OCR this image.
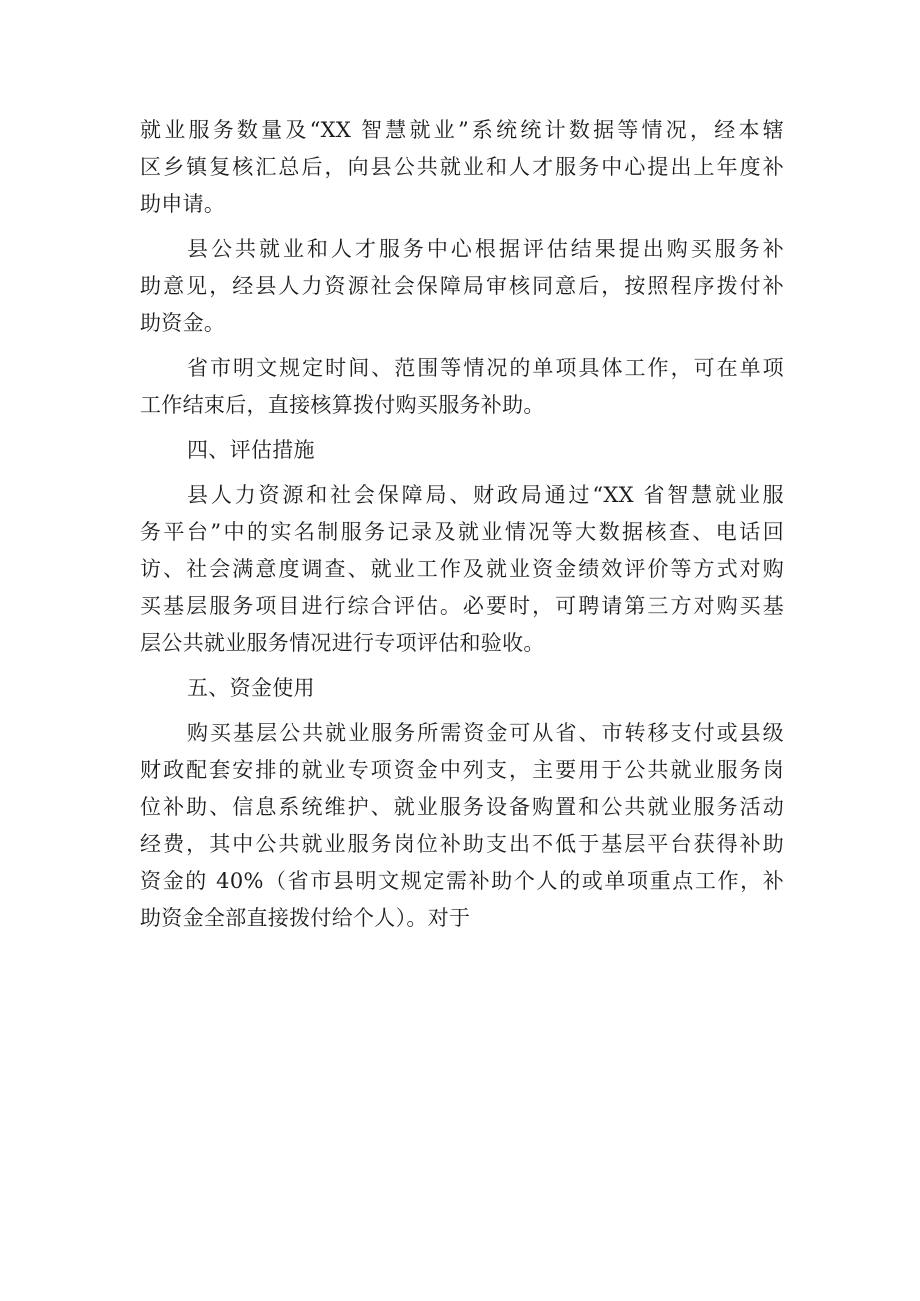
就业服务数量及“XX 智慧就业”系统统计数据等情况，经本辖
区乡镇复核汇总后，向县公共就业和人才服务中心提出上年度补
助申请。
县公共就业和人才服务中心根据评估结果提出购买服务补
助意见，经县人力资源社会保障局审核同意后，按照程序拨付补
助资金。
省市明文规定时间、范围等情况的单项具体工作，可在单项
工作结束后，直接核算拨付购买服务补助。
四、评估措施
县人力资源和社会保障局、财政局通过“XX 省智慧就业服
务平台”中的实名制服务记录及就业情况等大数据核查、电话回
访、社会满意度调查、就业工作及就业资金绩效评价等方式对购
买基层服务项目进行综合评估。必要时，可聘请第三方对购买基
层公共就业服务情况进行专项评估和验收。
五、资金使用
购买基层公共就业服务所需资金可从省、市转移支付或县级
财政配套安排的就业专项资金中列支，主要用于公共就业服务岗
位补助、信息系统维护、就业服务设备购置和公共就业服务活动
经费，其中公共就业服务岗位补助支出不低于基层平台获得补助
资金的 40%（省市县明文规定需补助个人的或单项重点工作，补
助资金全部直接拨付给个人）。对于
